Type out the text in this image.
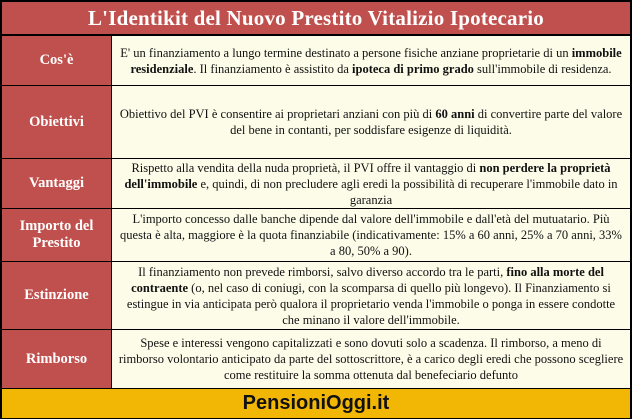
L'Identikit del Nuovo Prestito Vitalizio Ipotecario
Cos'è	E' un finanziamento a lungo termine destinato a persone fisiche anziane proprietarie di un immobile residenziale. Il finanziamento è assistito da ipoteca di primo grado sull'immobile di residenza.

Obiettivi	Obiettivo del PVI è consentire ai proprietari anziani con più di 60 anni di convertire parte del valore del bene in contanti, per soddisfare esigenze di liquidità.

Vantaggi

Rispetto alla vendita della nuda proprietà, il PVI offre il vantaggio di non perdere la proprietà dell'immobile e, quindi, di non precludere agli eredi la possibilità di recuperare l'immobile dato in garanzia

Importo del Prestito

L'importo concesso dalle banche dipende dal valore dell'immobile e dall'età del mutuatario. Più questa è alta, maggiore è la quota finanziabile (indicativamente: 15% a 60 anni, 25% a 70 anni, 33% a 80, 50% a 90).

Estinzione

Il finanziamento non prevede rimborsi, salvo diverso accordo tra le parti, fino alla morte del contraente (o, nel caso di coniugi, con la scomparsa di quello più longevo). Il Finanziamento si estingue in via anticipata però qualora il proprietario venda l'immobile o ponga in essere condotte che minano il valore dell'immobile.

Rimborso

Spese e interessi vengono capitalizzati e sono dovuti solo a scadenza. Il rimborso, a meno di rimborso volontario anticipato da parte del sottoscrittore, è a carico degli eredi che possono scegliere come restituire la somma ottenuta dal benefeciario defunto

PensioniOggi.it
